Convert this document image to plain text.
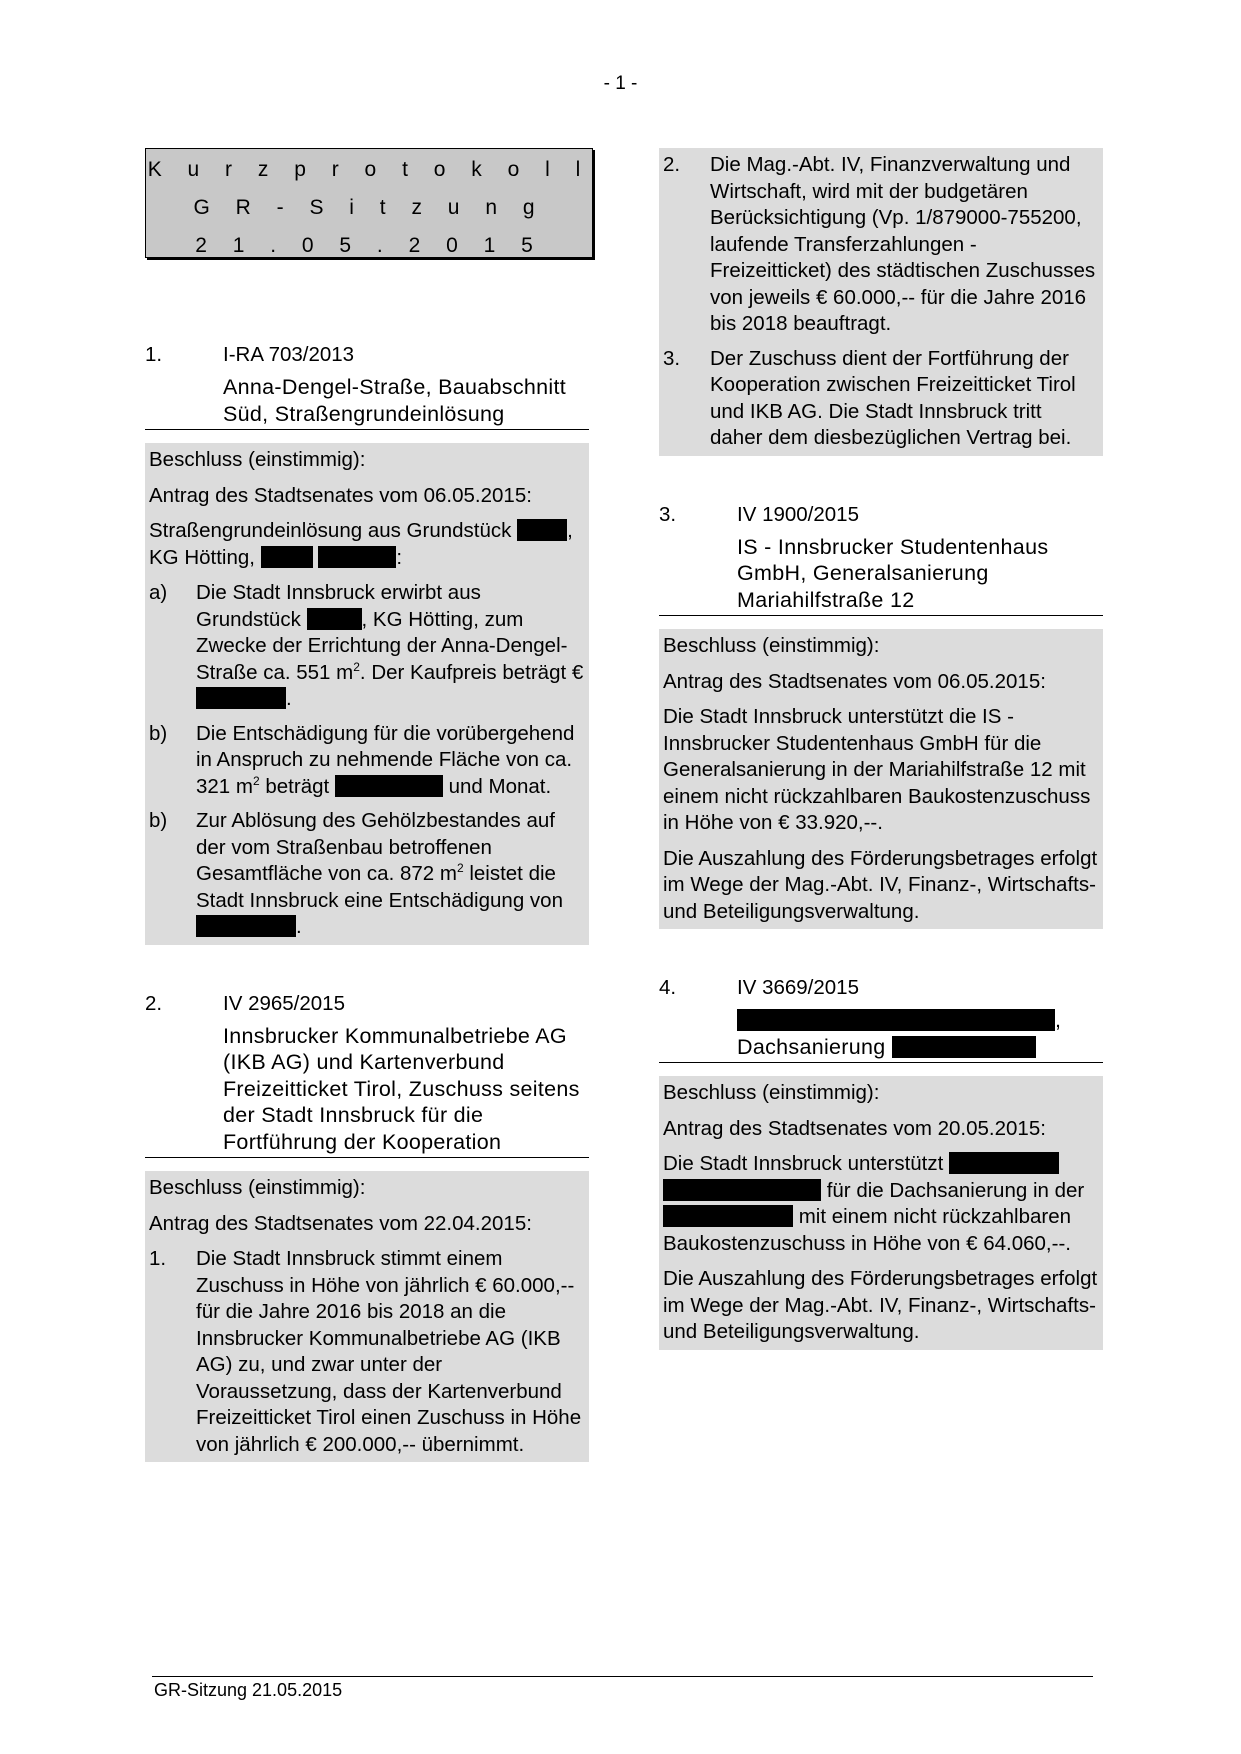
- 1 -
K u r z p r o t o k o l l
G R - S i t z u n g
2 1 . 0 5 . 2 0 1 5
1.	I-RA 703/2013
Anna-Dengel-Straße, Bauabschnitt Süd, Straßengrundeinlösung

Beschluss (einstimmig):

Antrag des Stadtsenates vom 06.05.2015:

Straßengrundeinlösung aus Grundstück	, KG Hötting,	:

a)	Die Stadt Innsbruck erwirbt aus Grundstück	, KG Hötting, zum Zwecke der Errichtung der Anna-Dengel-Straße ca. 551 $m^2$. Der Kaufpreis beträgt € .
b)	Die Entschädigung für die vorübergehend in Anspruch zu nehmende Fläche von ca. 321 $m^2$ beträgt	und Monat.
b)	Zur Ablösung des Gehölzbestandes auf der vom Straßenbau betroffenen Gesamtfläche von ca. 872 $m^2$ leistet die Stadt Innsbruck eine Entschädigung von .
2.	IV 2965/2015
Innsbrucker Kommunalbetriebe AG (IKB AG) und Kartenverbund Freizeitticket Tirol, Zuschuss seitens der Stadt Innsbruck für die Fortführung der Kooperation

Beschluss (einstimmig):

Antrag des Stadtsenates vom 22.04.2015:

1.	Die Stadt Innsbruck stimmt einem Zuschuss in Höhe von jährlich € 60.000,-- für die Jahre 2016 bis 2018 an die Innsbrucker Kommunalbetriebe AG (IKB AG) zu, und zwar unter der Voraussetzung, dass der Kartenverbund Freizeitticket Tirol einen Zuschuss in Höhe von jährlich € 200.000,-- übernimmt.
2.	Die Mag.-Abt. IV, Finanzverwaltung und Wirtschaft, wird mit der budgetären Berücksichtigung (Vp. 1/879000-755200, laufende Transferzahlungen - Freizeitticket) des städtischen Zuschusses von jeweils € 60.000,-- für die Jahre 2016 bis 2018 beauftragt.
3.	Der Zuschuss dient der Fortführung der Kooperation zwischen Freizeitticket Tirol und IKB AG. Die Stadt Innsbruck tritt daher dem diesbezüglichen Vertrag bei.
3.	IV 1900/2015
IS - Innsbrucker Studentenhaus GmbH, Generalsanierung Mariahilfstraße 12

Beschluss (einstimmig):

Antrag des Stadtsenates vom 06.05.2015:

Die Stadt Innsbruck unterstützt die IS - Innsbrucker Studentenhaus GmbH für die Generalsanierung in der Mariahilfstraße 12 mit einem nicht rückzahlbaren Baukostenzuschuss in Höhe von € 33.920,--.

Die Auszahlung des Förderungsbetrages erfolgt im Wege der Mag.-Abt. IV, Finanz-, Wirtschafts- und Beteiligungsverwaltung.

4.	IV 3669/2015
,
Dachsanierung

Beschluss (einstimmig):

Antrag des Stadtsenates vom 20.05.2015:

Die Stadt Innsbruck unterstützt   für die Dachsanierung in der  mit einem nicht rückzahlbaren Baukostenzuschuss in Höhe von € 64.060,--.

Die Auszahlung des Förderungsbetrages erfolgt im Wege der Mag.-Abt. IV, Finanz-, Wirtschafts- und Beteiligungsverwaltung.

GR-Sitzung 21.05.2015
